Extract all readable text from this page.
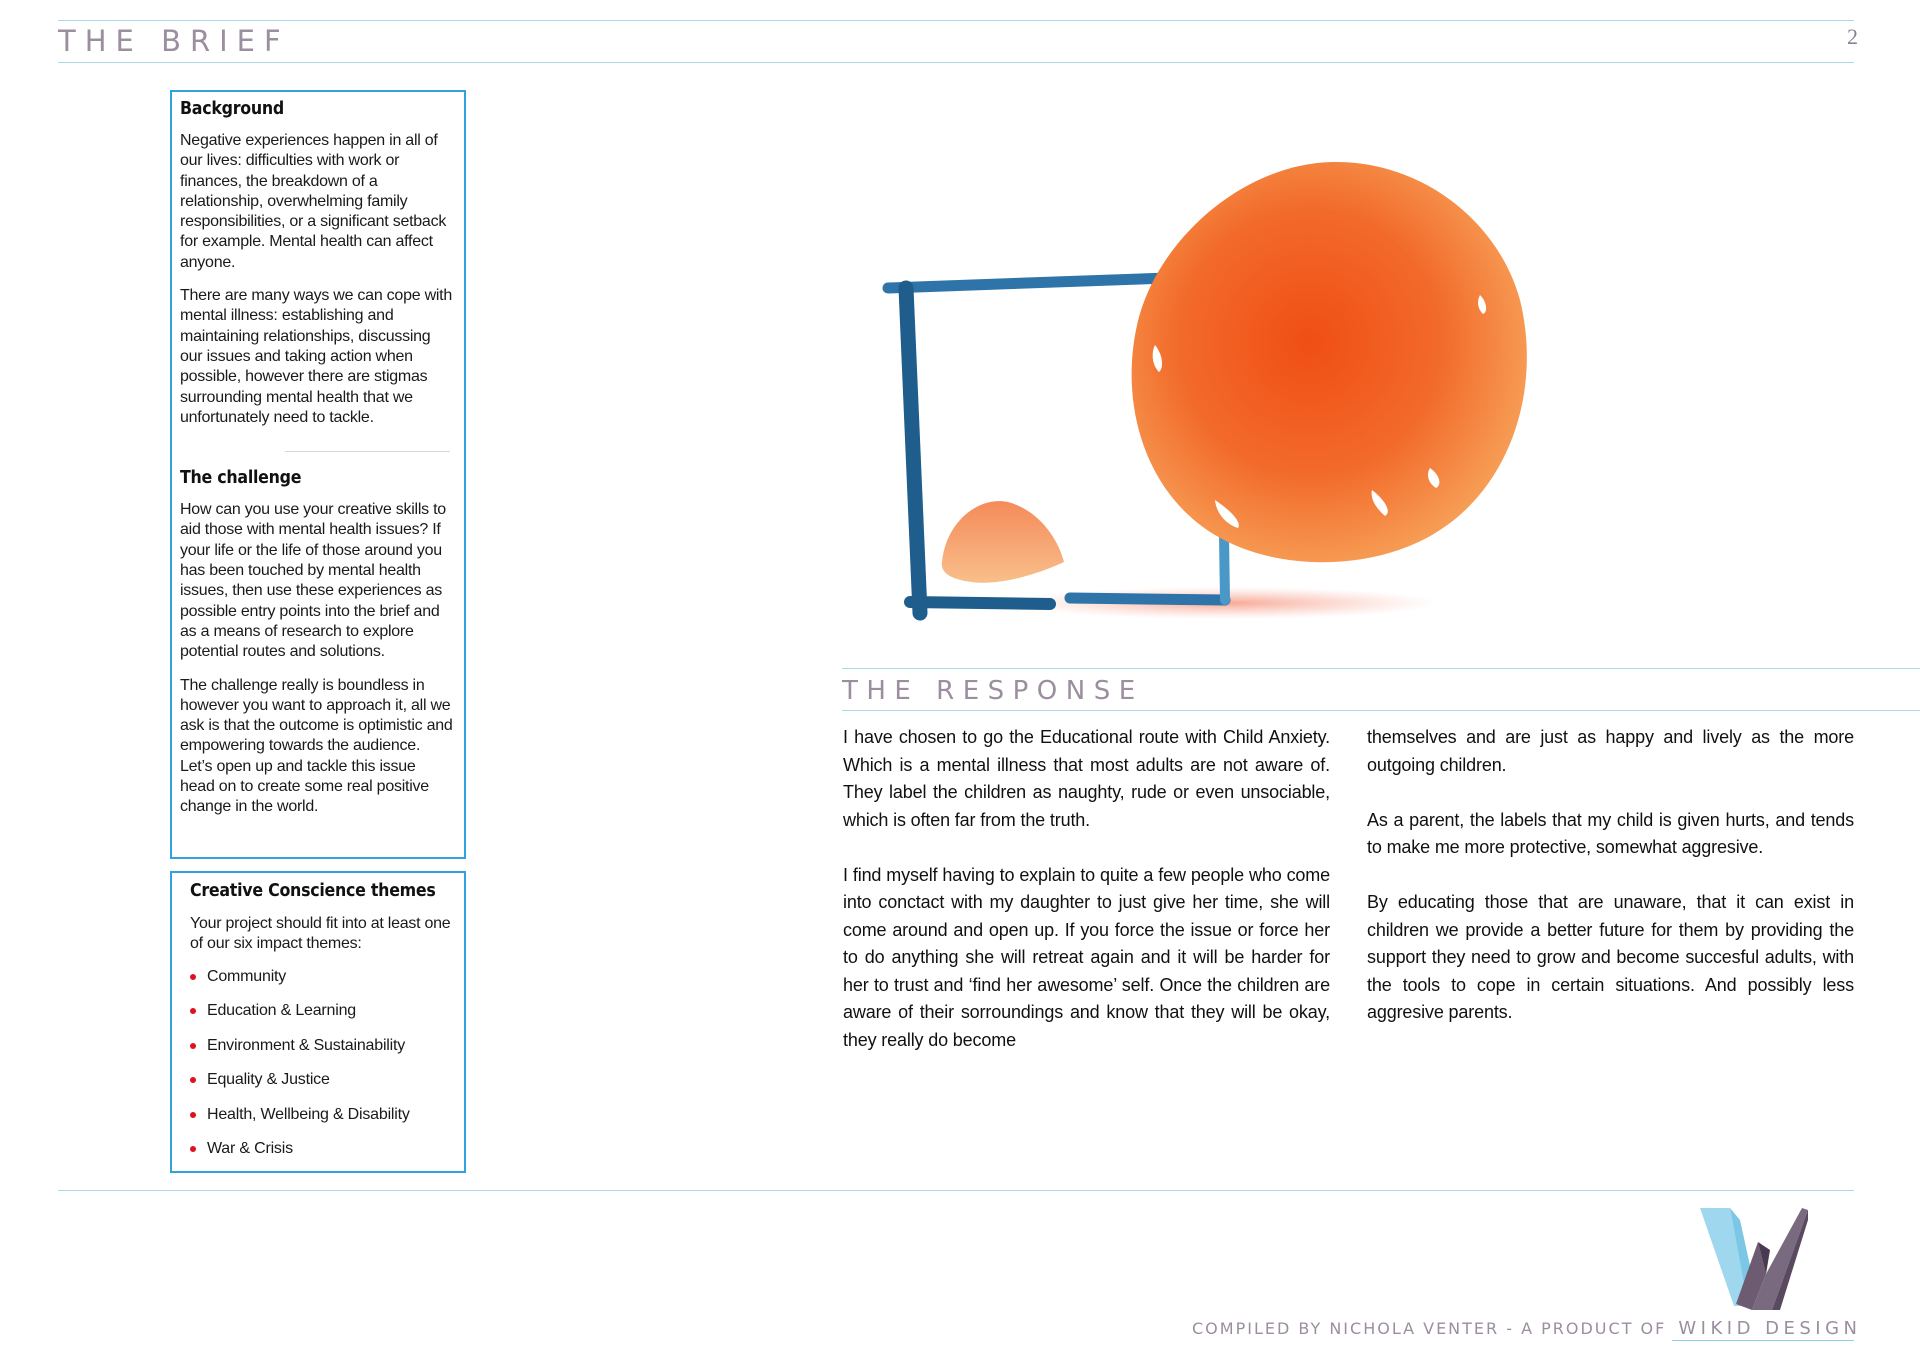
THE BRIEF	2
Background

Negative experiences happen in all of our lives: difficulties with work or finances, the breakdown of a relationship, overwhelming family responsibilities, or a significant setback for example. Mental health can affect anyone.

There are many ways we can cope with mental illness: establishing and maintaining relationships, discussing our issues and taking action when possible, however there are stigmas surrounding mental health that we unfortunately need to tackle.

The challenge

How can you use your creative skills to aid those with mental health issues? If your life or the life of those around you has been touched by mental health issues, then use these experiences as possible entry points into the brief and as a means of research to explore potential routes and solutions.

The challenge really is boundless in however you want to approach it, all we ask is that the outcome is optimistic and empowering towards the audience. Let’s open up and tackle this issue head on to create some real positive change in the world.

Creative Conscience themes

Your project should fit into at least one of our six impact themes:

Community
Education & Learning
Environment & Sustainability
Equality & Justice
Health, Wellbeing & Disability
War & Crisis
THE RESPONSE

I have chosen to go the Educational route with Child Anxiety. Which is a mental illness that most adults are not aware of. They label the children as naughty, rude or even unsociable, which is often far from the truth.

I find myself having to explain to quite a few people who come into conctact with my daughter to just give her time, she will come around and open up. If you force the issue or force her to do anything she will retreat again and it will be harder for her to trust and ‘find her awesome’ self. Once the children are aware of their sorroundings and know that they will be okay, they really do become

themselves and are just as happy and lively as the more outgoing children.

As a parent, the labels that my child is given hurts, and tends to make me more protective, somewhat aggresive.

By educating those that are unaware, that it can exist in children we provide a better future for them by providing the support they need to grow and become succesful adults, with the tools to cope in certain situations. And possibly less aggresive parents.

COMPILED BY NICHOLA VENTER - A PRODUCT OF WIKID DESIGN
